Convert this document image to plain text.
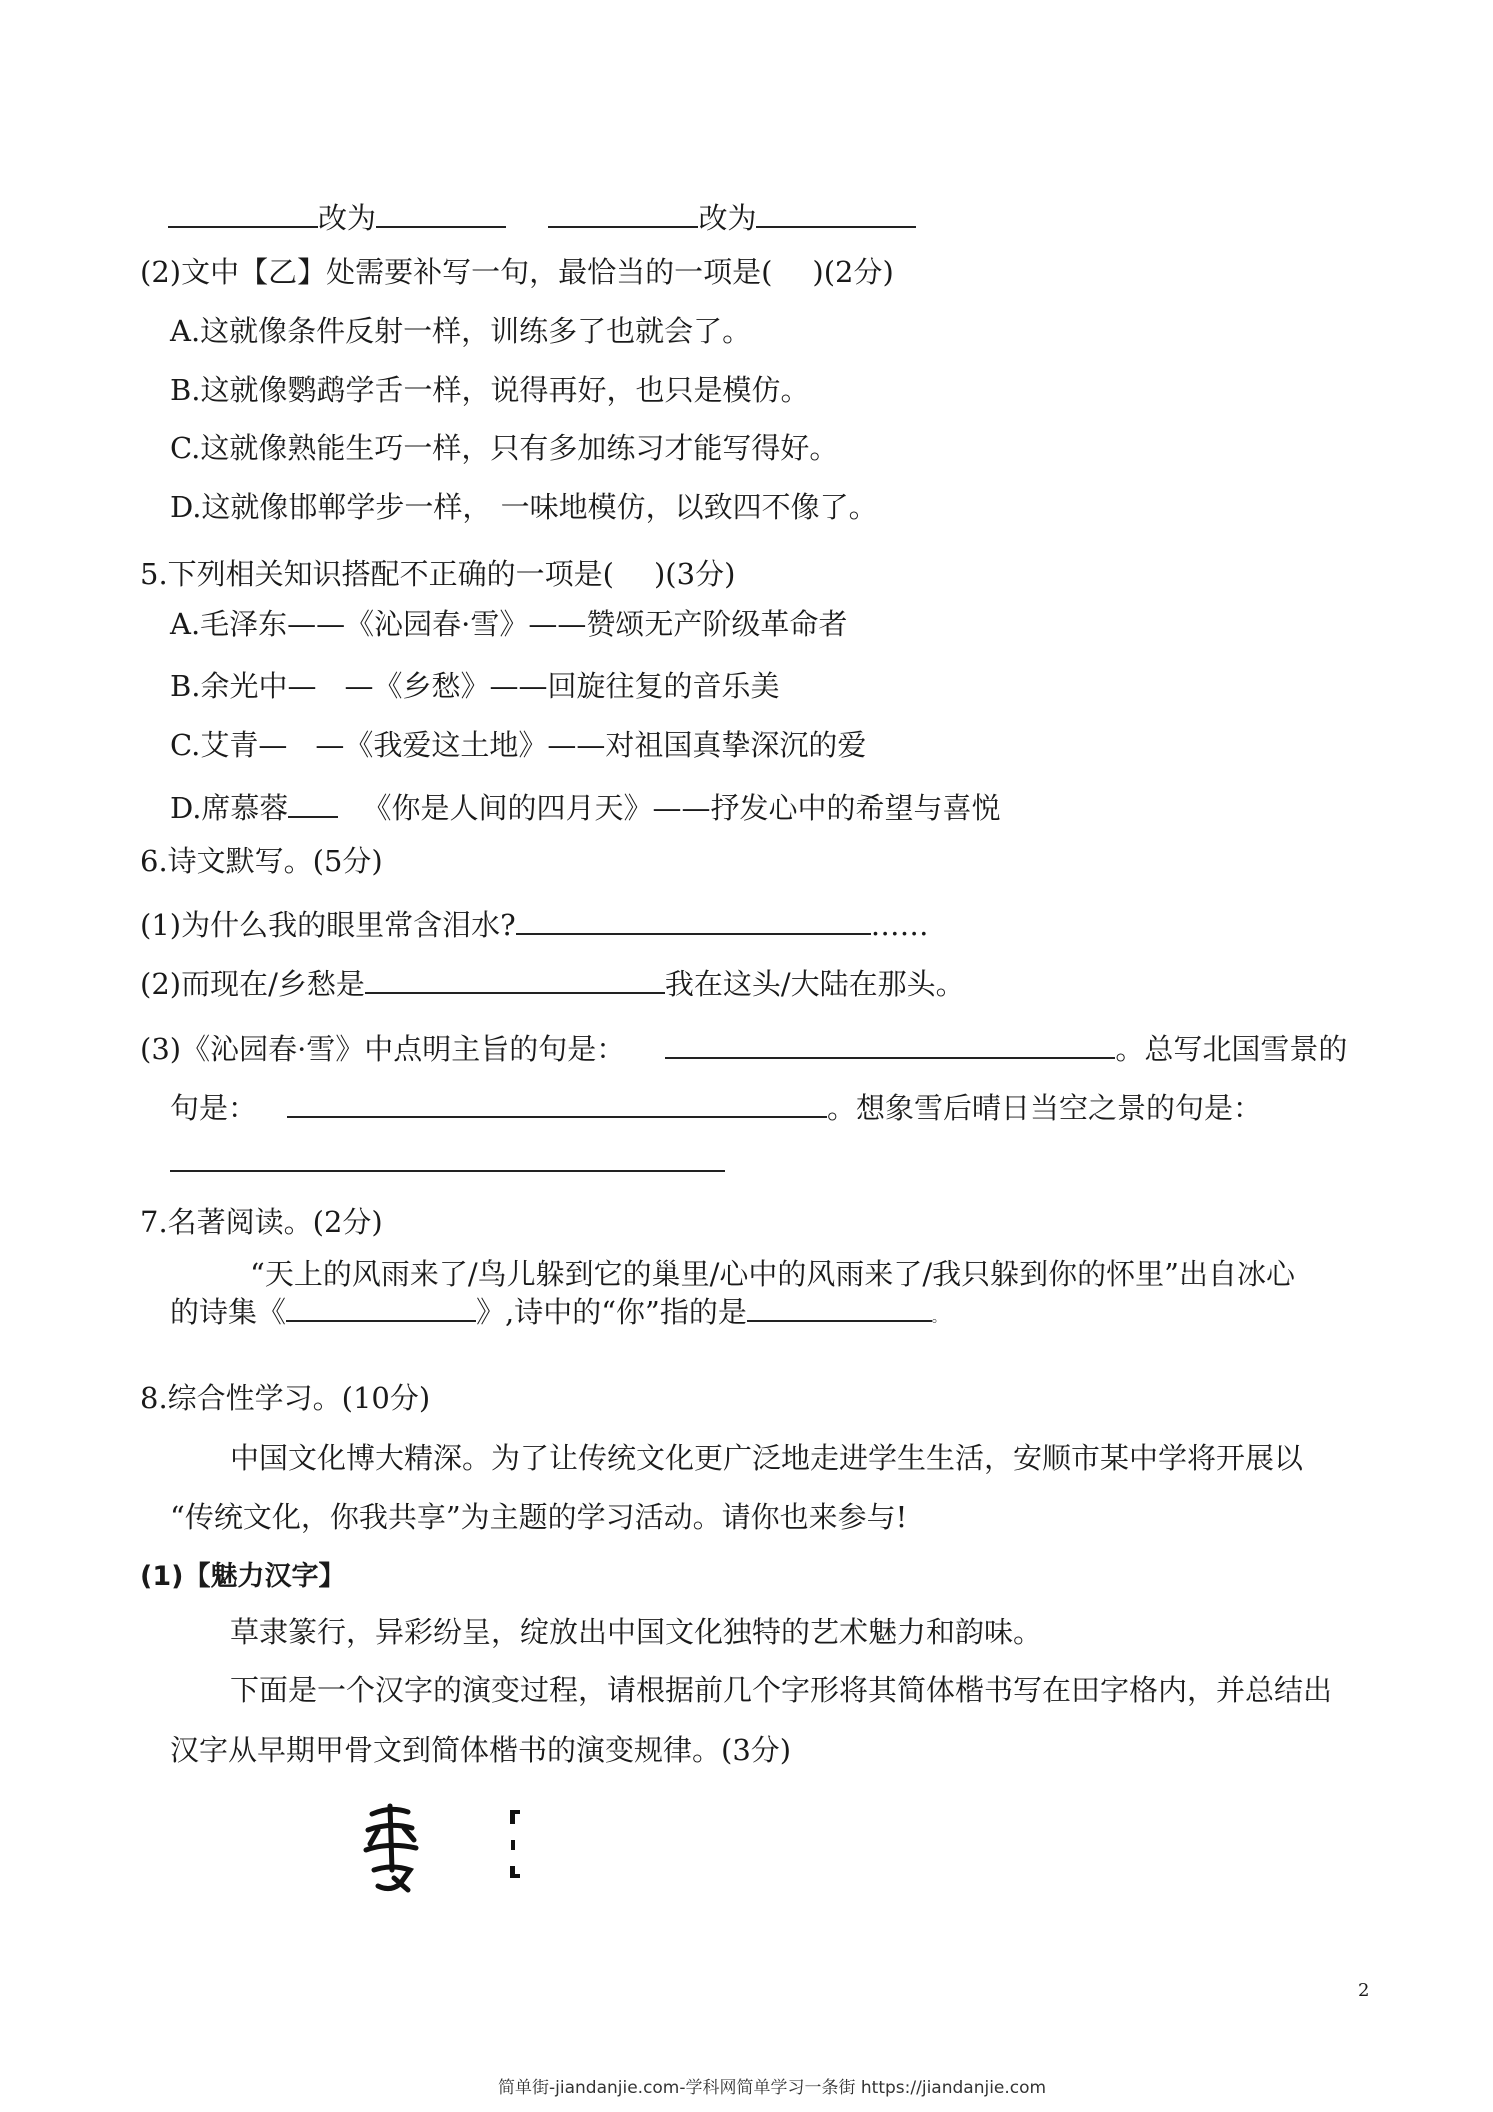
改为	改为
(2)文中【乙】处需要补写一句，最恰当的一项是( )(2分)
A.这就像条件反射一样，训练多了也就会了。
B.这就像鹦鹉学舌一样，说得再好，也只是模仿。
C.这就像熟能生巧一样，只有多加练习才能写得好。
D.这就像邯郸学步一样， 一味地模仿，以致四不像了。
5.下列相关知识搭配不正确的一项是( )(3分)
A.毛泽东——《沁园春·雪》——赞颂无产阶级革命者
B.余光中— —《乡愁》——回旋往复的音乐美
C.艾青— —《我爱这土地》——对祖国真挚深沉的爱
D.席慕蓉	《你是人间的四月天》——抒发心中的希望与喜悦
6.诗文默写。(5分)
(1)为什么我的眼里常含泪水?	……
(2)而现在/乡愁是	我在这头/大陆在那头。
(3)《沁园春·雪》中点明主旨的句是：	。总写北国雪景的
句是：	。想象雪后晴日当空之景的句是：
7.名著阅读。(2分)
“天上的风雨来了/鸟儿躲到它的巢里/心中的风雨来了/我只躲到你的怀里”出自冰心
的诗集《	》,诗中的“你”指的是	。
8.综合性学习。(10分)
中国文化博大精深。为了让传统文化更广泛地走进学生生活，安顺市某中学将开展以
“传统文化，你我共享”为主题的学习活动。请你也来参与!
(1)【魅力汉字】
草隶篆行，异彩纷呈，绽放出中国文化独特的艺术魅力和韵味。
下面是一个汉字的演变过程，请根据前几个字形将其简体楷书写在田字格内，并总结出
汉字从早期甲骨文到简体楷书的演变规律。(3分)
2
简单街-jiandanjie.com-学科网简单学习一条街 https://jiandanjie.com
